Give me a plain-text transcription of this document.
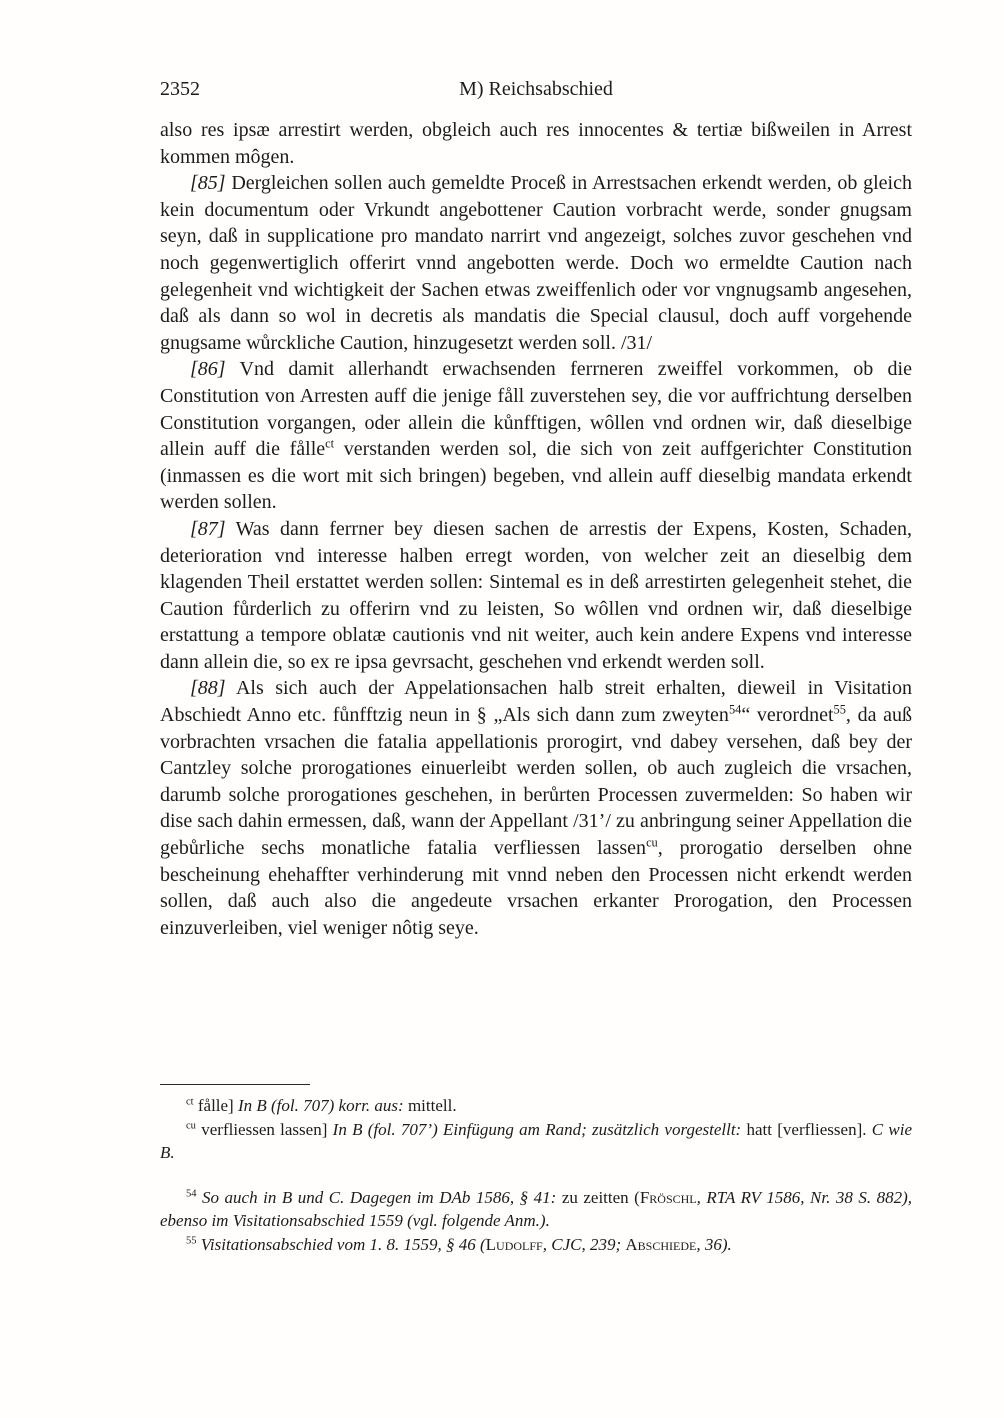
2352	M) Reichsabschied

also res ipsæ arrestirt werden, obgleich auch res innocentes & tertiæ bißweilen in Arrest kommen môgen.

[85] Dergleichen sollen auch gemeldte Proceß in Arrestsachen erkendt werden, ob gleich kein documentum oder Vrkundt angebottener Caution vorbracht werde, sonder gnugsam seyn, daß in supplicatione pro mandato narrirt vnd angezeigt, solches zuvor geschehen vnd noch gegenwertiglich offerirt vnnd angebotten werde. Doch wo ermeldte Caution nach gelegenheit vnd wichtigkeit der Sachen etwas zweiffenlich oder vor vngnugsamb angesehen, daß als dann so wol in decretis als mandatis die Special clausul, doch auff vorgehende gnugsame wůrckliche Caution, hinzugesetzt werden soll. /31/

[86] Vnd damit allerhandt erwachsenden ferrneren zweiffel vorkommen, ob die Constitution von Arresten auff die jenige fåll zuverstehen sey, die vor auffrichtung derselben Constitution vorgangen, oder allein die kůnfftigen, wôllen vnd ordnen wir, daß dieselbige allein auff die fålle$^{ct}$ verstanden werden sol, die sich von zeit auffgerichter Constitution (inmassen es die wort mit sich bringen) begeben, vnd allein auff dieselbig mandata erkendt werden sollen.

[87] Was dann ferrner bey diesen sachen de arrestis der Expens, Kosten, Schaden, deterioration vnd interesse halben erregt worden, von welcher zeit an dieselbig dem klagenden Theil erstattet werden sollen: Sintemal es in deß arrestirten gelegenheit stehet, die Caution fůrderlich zu offerirn vnd zu leisten, So wôllen vnd ordnen wir, daß dieselbige erstattung a tempore oblatæ cautionis vnd nit weiter, auch kein andere Expens vnd interesse dann allein die, so ex re ipsa gevrsacht, geschehen vnd erkendt werden soll.

[88] Als sich auch der Appelationsachen halb streit erhalten, dieweil in Visitation Abschiedt Anno etc. fůnfftzig neun in § „Als sich dann zum zweyten$^{54}$“ verordnet$^{55}$, da auß vorbrachten vrsachen die fatalia appellationis prorogirt, vnd dabey versehen, daß bey der Cantzley solche prorogationes einuerleibt werden sollen, ob auch zugleich die vrsachen, darumb solche prorogationes geschehen, in berůrten Processen zuvermelden: So haben wir dise sach dahin ermessen, daß, wann der Appellant /31’/ zu anbringung seiner Appellation die gebůrliche sechs monatliche fatalia verfliessen lassen$^{cu}$, prorogatio derselben ohne bescheinung ehehaffter verhinderung mit vnnd neben den Processen nicht erkendt werden sollen, daß auch also die angedeute vrsachen erkanter Prorogation, den Processen einzuverleiben, viel weniger nôtig seye.

$^{ct}$ fålle] In B (fol. 707) korr. aus: mittell.

$^{cu}$ verfliessen lassen] In B (fol. 707’) Einfügung am Rand; zusätzlich vorgestellt: hatt [verfliessen]. C wie B.

$^{54}$ So auch in B und C. Dagegen im DAb 1586, § 41: zu zeitten (Fröschl, RTA RV 1586, Nr. 38 S. 882), ebenso im Visitationsabschied 1559 (vgl. folgende Anm.).

$^{55}$ Visitationsabschied vom 1. 8. 1559, § 46 (Ludolff, CJC, 239; Abschiede, 36).
